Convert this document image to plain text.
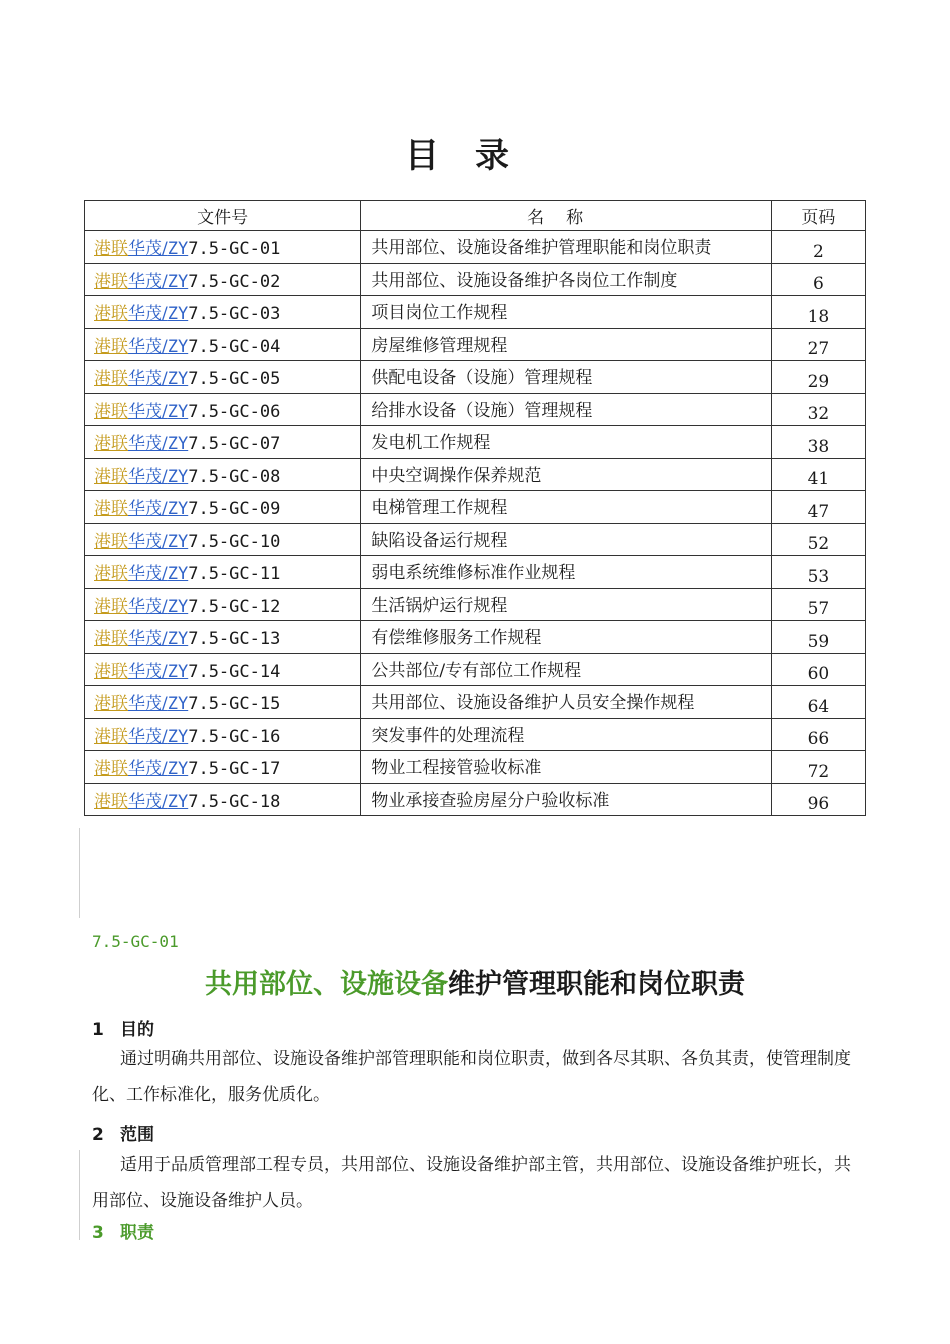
目录
文件号	名称	页码
港联华茂/ZY7.5-GC-01	共用部位、设施设备维护管理职能和岗位职责	2
港联华茂/ZY7.5-GC-02	共用部位、设施设备维护各岗位工作制度	6
港联华茂/ZY7.5-GC-03	项目岗位工作规程	18
港联华茂/ZY7.5-GC-04	房屋维修管理规程	27
港联华茂/ZY7.5-GC-05	供配电设备（设施）管理规程	29
港联华茂/ZY7.5-GC-06	给排水设备（设施）管理规程	32
港联华茂/ZY7.5-GC-07	发电机工作规程	38
港联华茂/ZY7.5-GC-08	中央空调操作保养规范	41
港联华茂/ZY7.5-GC-09	电梯管理工作规程	47
港联华茂/ZY7.5-GC-10	缺陷设备运行规程	52
港联华茂/ZY7.5-GC-11	弱电系统维修标准作业规程	53
港联华茂/ZY7.5-GC-12	生活锅炉运行规程	57
港联华茂/ZY7.5-GC-13	有偿维修服务工作规程	59
港联华茂/ZY7.5-GC-14	公共部位/专有部位工作规程	60
港联华茂/ZY7.5-GC-15	共用部位、设施设备维护人员安全操作规程	64
港联华茂/ZY7.5-GC-16	突发事件的处理流程	66
港联华茂/ZY7.5-GC-17	物业工程接管验收标准	72
港联华茂/ZY7.5-GC-18	物业承接查验房屋分户验收标准	96
7.5-GC-01
共用部位、设施设备维护管理职能和岗位职责
1 目的
通过明确共用部位、设施设备维护部管理职能和岗位职责，做到各尽其职、各负其责，使管理制度化、工作标准化，服务优质化。
2 范围
适用于品质管理部工程专员，共用部位、设施设备维护部主管，共用部位、设施设备维护班长，共用部位、设施设备维护人员。
3 职责
